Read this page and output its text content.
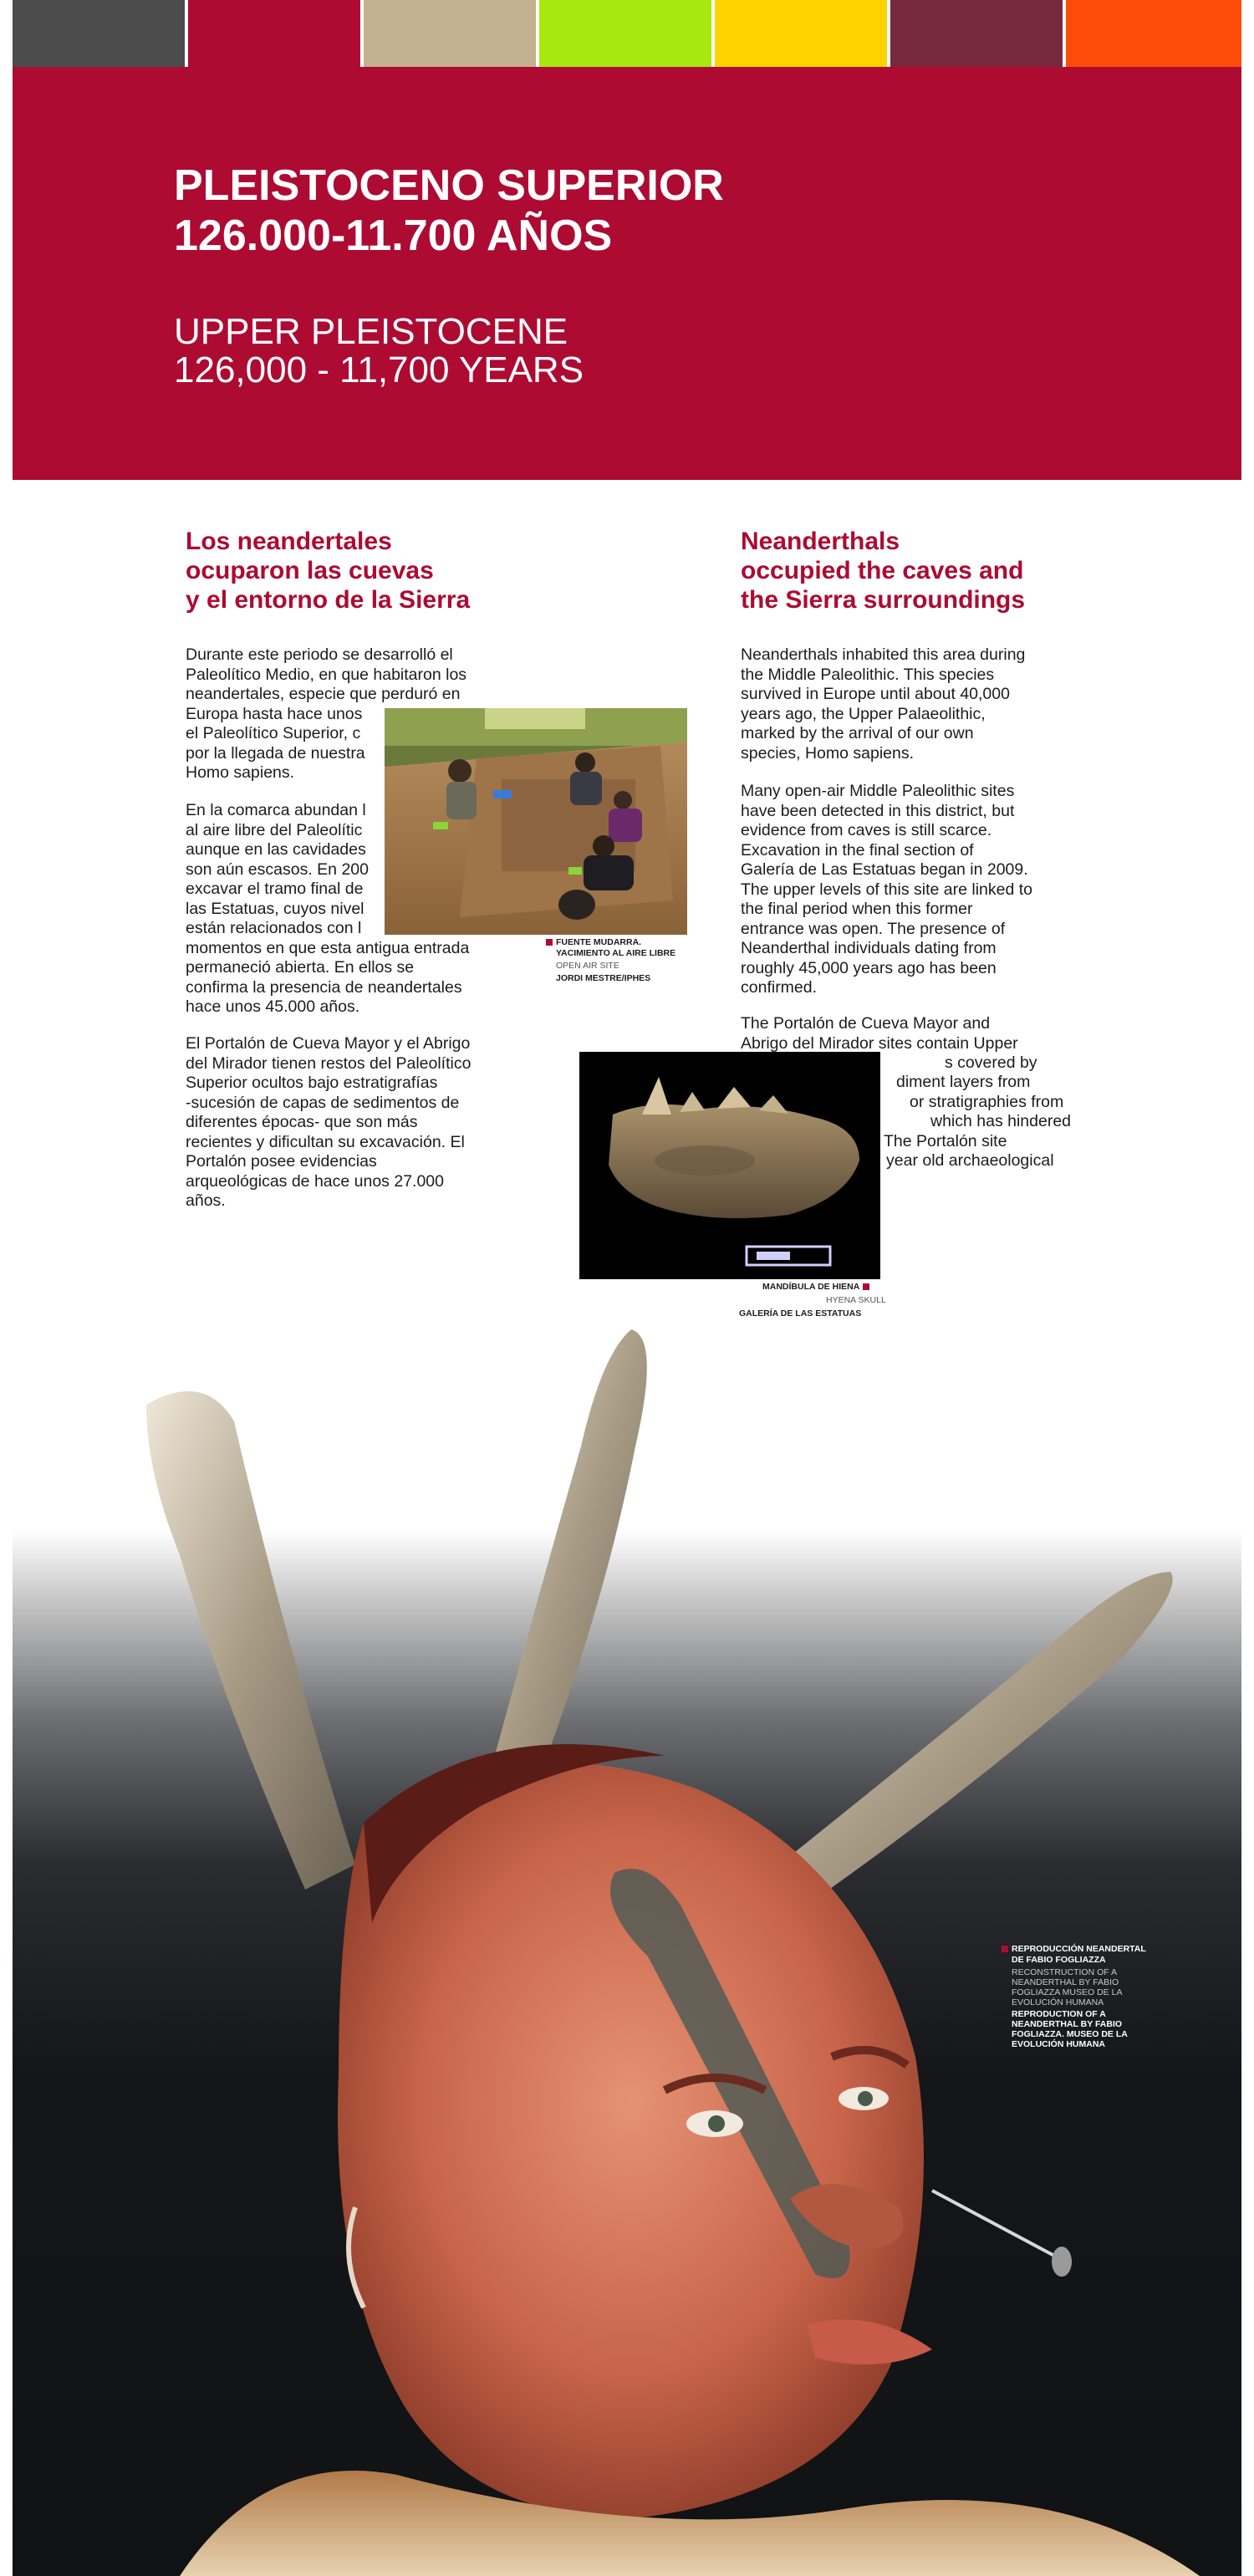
PLEISTOCENO SUPERIOR
126.000-11.700 AÑOS
UPPER PLEISTOCENE
126,000 - 11,700 YEARS
Los neandertales
ocuparon las cuevas
y el entorno de la Sierra

Durante este periodo se desarrolló el
Paleolítico Medio, en que habitaron los
neandertales, especie que perduró en
Europa hasta hace unos
el Paleolítico Superior, c
por la llegada de nuestra
Homo sapiens.

En la comarca abundan l
al aire libre del Paleolític
aunque en las cavidades
son aún escasos. En 200
excavar el tramo final de
las Estatuas, cuyos nivel
están relacionados con l
momentos en que esta antigua entrada
permaneció abierta. En ellos se
confirma la presencia de neandertales
hace unos 45.000 años.

El Portalón de Cueva Mayor y el Abrigo
del Mirador tienen restos del Paleolítico
Superior ocultos bajo estratigrafías
-sucesión de capas de sedimentos de
diferentes épocas- que son más
recientes y dificultan su excavación. El
Portalón posee evidencias
arqueológicas de hace unos 27.000
años.

Neanderthals
occupied the caves and
the Sierra surroundings

Neanderthals inhabited this area during
the Middle Paleolithic. This species
survived in Europe until about 40,000
years ago, the Upper Palaeolithic,
marked by the arrival of our own
species, Homo sapiens.

Many open-air Middle Paleolithic sites
have been detected in this district, but
evidence from caves is still scarce.
Excavation in the final section of
Galería de Las Estatuas began in 2009.
The upper levels of this site are linked to
the final period when this former
entrance was open. The presence of
Neanderthal individuals dating from
roughly 45,000 years ago has been
confirmed.

The Portalón de Cueva Mayor and
Abrigo del Mirador sites contain Upper

s covered by

diment layers from

or stratigraphies from

which has hindered

The Portalón site

year old archaeological

FUENTE MUDARRA.

YACIMIENTO AL AIRE LIBRE

OPEN AIR SITE

JORDI MESTRE/IPHES

MANDÍBULA DE HIENA

HYENA SKULL

GALERÍA DE LAS ESTATUAS

REPRODUCCIÓN NEANDERTAL

DE FABIO FOGLIAZZA

RECONSTRUCTION OF A

NEANDERTHAL BY FABIO

FOGLIAZZA MUSEO DE LA

EVOLUCIÓN HUMANA

REPRODUCTION OF A

NEANDERTHAL BY FABIO

FOGLIAZZA. MUSEO DE LA

EVOLUCIÓN HUMANA
